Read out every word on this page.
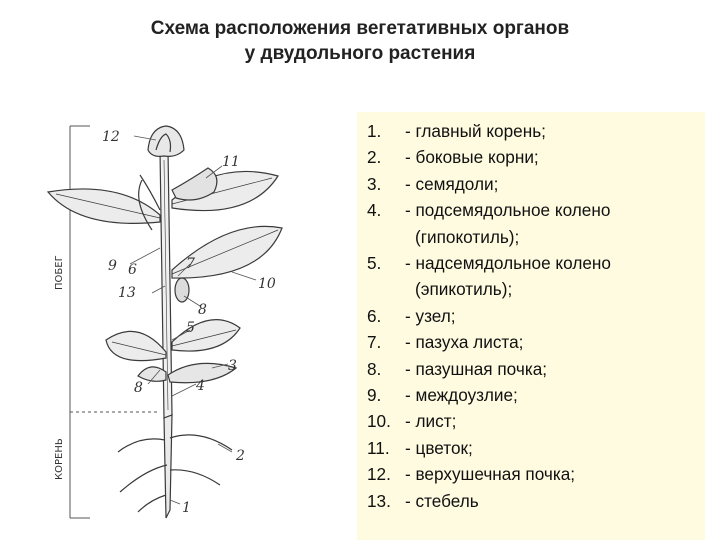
Схема расположения вегетативных органов
у двудольного растения
ПОБЕГ
КОРЕНЬ
12
11
9 6	7
10
13
8
5
3
4
8
2
1
1.	- главный корень;
2.	- боковые корни;
3.	- семядоли;
4.	- подсемядольное колено
(гипокотиль);
5.	- надсемядольное колено
(эпикотиль);
6.	- узел;
7.	- пазуха листа;
8.	- пазушная почка;
9.	- междоузлие;
10. - лист;
11. - цветок;
12. - верхушечная почка;
13. - стебель
